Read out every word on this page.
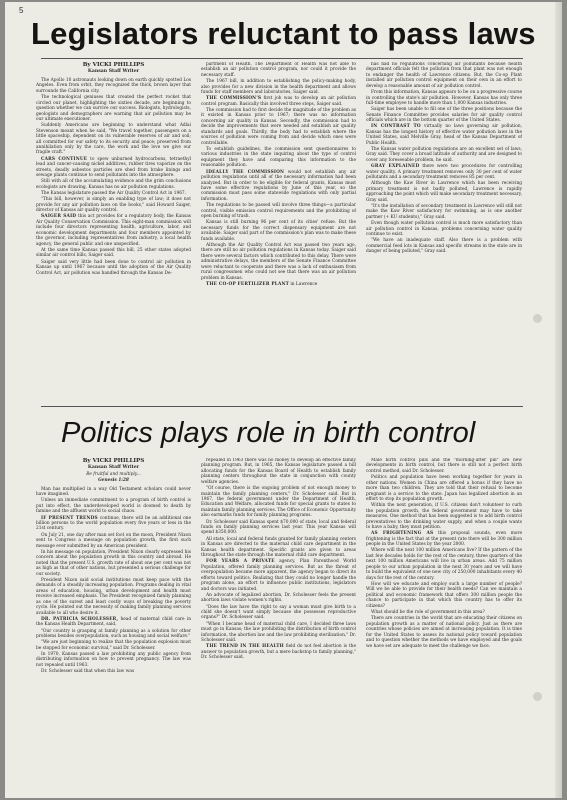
5
Legislators reluctant to pass laws

By VICKI PHILLIPS

Kansan Staff Writer

The Apollo 10 astronauts looking down on earth quickly spotted Los Angeles. Even from orbit, they recognized the thick, brown layer that surrounds the California city.

The technological geniuses that created the perfect rocket that circled our planet, highlighting the sixties decade, are beginning to question whether we can survive our success. Biologists, hydrologists, geologists and demographers are warning that air pollution may be our ultimate executioner.

Suddenly Americans are beginning to understand what Adlai Stevenson meant when he said, "We travel together, passengers on a little spaceship, dependent on its vulnerable reserves of air and soil; all committed for our safety to its security and peace; preserved from annihilation only by the care, the work and the love we give our fragile craft."

CARS CONTINUE to spew unburned hydrocarbons, tetraethyl lead and cancer-causing nickel additives, rubber tires vaporize on the streets, deadly asbestos particles are shed from brake linings and sewage plants continue to send pollutants into the atmosphere.

Still with all of the accumulating evidence and the grim conclusions ecologists are drawing, Kansas has no air pollution regulations.

The Kansas legislature passed the Air Quality Control Act in 1967.

"This bill, however, is simply an enabling type of law; it does not provide for any air pollution laws on the books," said Howard Saiger, director of Kansas air quality control.

SAIGER SAID this act provides for a regulatory body, the Kansas Air Quality Conservation Commission. This eight-man commission will include four directors representing health, agriculture, labor, and economic development departments and four members appointed by the governor, including representatives from industry, a local health agency, the general public and one unspecified.

At the same time Kansas passed this bill, 25 other states adopted similar air control bills, Saiger said.

Saiger said very little had been done to control air pollution in Kansas up until 1967 because until the adoption of the Air Quality Control Act, air pollution was handled through the Kansas De-

partment of Health. The Department of Health was not able to establish an air pollution control program, nor could it provide the necessary staff.

The 1967 bill, in addition to establishing the policy-making body, also provides for a new division in the health department and allows funds for staff members and laboratories, Saiger said.

THE COMMISSION'S first job was to develop an air pollution control program. Basically this involved three steps, Saiger said.

The commission had to first decide the magnitude of the problem as it existed in Kansas prior to 1967; there was no information concerning air quality in Kansas. Secondly, the commission had to decide the improvements that were needed and establish air quality standards and goals. Thirdly, the body had to establish where the sources of pollution were coming from and decide which ones were controllable.

To establish guidelines, the commission sent questionnaires to various industries in the state inquiring about the type of control equipment they have and comparing this information to the reasonable pollution.

IDEALLY THE COMMISSION would not establish any air pollution regulations until all of the necessary information had been analyzed. But in order to be eligible for federal grants, Kansas must have some effective regulations by June of this year, so the commission must pass some statewide regulations with only partial information.

The regulations to be passed will involve three things—a particular control, visible emission control requirements and the prohibiting of open burning of trash.

Kansas is still burning 96 per cent of its cities' refuse. But the necessary funds for the correct dispensary equipment are not available. Saiger said part of the commission's plan was to make these funds available.

Although the Air Quality Control Act was passed two years ago, there are still no air pollution regulations in Kansas today. Saiger said there were several factors which contributed to this delay. There were administrative delays, the members of the Senate Finance Committee were reluctant to cooperate and there was a lack of enthusiasm from rural congressmen who could not see that there was an air pollution problem in Kansas.

THE CO-OP FERTILIZER PLANT in Lawrence

has had no regulations concerning air pollutants because health department officials felt the pollution from that plant was not enough to endanger the health of Lawrence citizens. But, the Co-op Plant installed air pollution control equipment on their own in an effort to develop a reasonable amount of air pollution control.

From this information, Kansas appears to be on a progressive course in controlling the state's air pollution. However, Kansas has only three full-time employee to handle more than 1,000 Kansas industries.

Saiger has been unable to fill one of the three positions because the Senate Finance Committee provides salaries for air quality control officials which are in the bottom quarter of the United States.

IN CONTRAST TO virtually no laws governing air pollution, Kansas has the longest history of effective water pollution laws in the United States, said Melville Gray, head of the Kansas Department of Public Health.

The Kansas water pollution regulations are an excellent set of laws, Gray said. They cover a broad latitude of authority and are designed to cover any foreseeable problem, he said.

GRAY EXPLAINED there were two procedures for controlling water quality. A primary treatment removes only 30 per cent of water pollutants and a secondary treatment removes 85 per cent.

Although the Kaw River in Lawrence which has been receiving primary treatment is not badly polluted, Lawrence is rapidly approaching the point which will make secondary treatment necessary, Gray said.

"It's the installation of secondary treatment in Lawrence will still not make the Kaw River satisfactory for swimming, as is one another partner (+ KU students)," Gray said.

Even though water pollution control is much more satisfactory than air pollution control in Kansas, problems concerning water quality continue to exist.

"We have an inadequate staff. Also there is a problem with commercial feed lots in Kansas and specific streams in the state are in danger of being polluted," Gray said.

Politics plays role in birth control

By VICKI PHILLIPS

Kansan Staff Writer

Be fruitful and multiply...

Genesis 1:28

Man has multiplied in a way Old Testament scholars could never have imagined.

Unless an immediate commitment to a program of birth control is put into effect, the underdeveloped world is doomed to death by famine and the affluent world to social chaos.

IF PRESENT TRENDS continue, there will be an additional one billion persons to the world population every five years or less in the 21st century.

On July 21, one day after man set foot on the moon, President Nixon sent to Congress a message on population growth, the first such message ever submitted by an American president.

In his message on population, President Nixon clearly expressed his concern about the population growth in this country and abroad. He noted that the present U.S. growth rate of about one per cent was not as high as that of other nations, but presented a serious challenge for our society.

President Nixon said social institutions must keep pace with the demands of a steadily increasing population. Programs dealing in vital areas of education, housing, urban development and health must receive increased emphasis. The President recognized family planning as one of the surest and least costly ways of breaking the poverty cycle. He pointed out the necessity of making family planning services available to all who desire it.

DR. PATRICIA SCHOLESSER, head of maternal child care in the Kansas Health Department, said,

"Our country is grasping at family planning as a solution for other problems besides overpopulation, such as housing and social welfare."

"We are just beginning to realize that the population explosion must be stopped for economic survival," said Dr. Scholesser.

In 1970, Kansas passed a law prohibiting any public agency from distributing information on how to prevent pregnancy. The law was not repealed until 1963.

Dr. Scholesser said that when this law was

repealed in 1963 there was no money to develop an effective family planning program. But, in 1965, the Kansas legislature passed a bill allocating funds for the Kansas Board of Health to establish family planning centers throughout the state in conjunction with county welfare agencies.

"Of course, there is the ongoing problem of not enough money to maintain the family planning centers," Dr. Scholesser said. But in 1967, the federal government under the Department of Health, Education and Welfare, allocated funds for special grants to states to maintain family planning services. The Office of Economic Opportunity also earmarks funds for family planning programs.

Dr. Scholesser said Kansas spent $70,000 of state, local and federal funds on family planning services last year. This year Kansas will spend $350,000.

All state, local and federal funds granted for family planning centers in Kansas are directed to the maternal child care department in the Kansas health department. Specific grants are given to areas throughout the state through the maternal child care department.

FOR YEARS A PRIVATE agency, Plan Parenthood World Population, offered family planning services. But as the threat of overpopulation became more apparent, the agency began to direct its efforts toward politics. Realizing that they could no longer handle the program alone, an effort to influence public institutions, legislators and doctors was initiated.

An advocate of legalized abortion, Dr. Scholesser feels the present abortion laws violate women's rights.

"Does the law have the right to say a woman must give birth to a child she doesn't want simply because she possesses reproductive organs?" Dr. Scholesser said.

"When I became head of maternal child care, I decided three laws must go in Kansas; the law prohibiting the distribution of birth control information, the abortion law and the law prohibiting sterilization," Dr. Scholesser said.

THE TREND IN THE HEALTH field do not feel abortion is the answer to population growth, but a mere backstop to family planning," Dr. Scholesser said.

Male birth control pills and the "morning-after pill" are new developments in birth control, but there is still not a perfect birth control method, said Dr. Scholesser.

Politics and population have been working together for years in other nations. Women in China are offered a bonus if they have no more than two children. They are told that their refusal to become pregnant is a service to the state. Japan has legalized abortion in an effort to stop its population growth.

Within the next generation, if U.S. citizens don't volunteer to curb the population growth, the federal government may have to take measures. One method that has been suggested is to add birth control preventatives to the drinking water supply, and when a couple wants to have a baby, they must petition.

AS FRIGHTENING AS this proposal sounds, even more frightening is the fact that at the present rate there will be 300 million people in the United States by the year 2000.

Where will the next 100 million Americans live? If the pattern of the last few decades holds for the rest of the century, three quarters of the next 100 million Americans will live in urban areas. Add 75 million people to our urban population in the next 30 years and we will have to build the equivalent of one new city of 250,000 inhabitants every 40 days for the rest of the century.

How will we educate and employ such a large number of people? Will we be able to provide for their health needs? Can we maintain a political and economic framework that offers 300 million people the chance to participate in that which this country has to offer its citizens?

What should be the role of government in this area?

There are countries in the world that are educating their citizens on population growth as a matter of national policy. Just as there are countries whose policies are aimed at increasing population. It is time for the United States to assess its national policy toward population and to question whether the methods we have employed and the goals we have set are adequate to meet the challenge we face.
